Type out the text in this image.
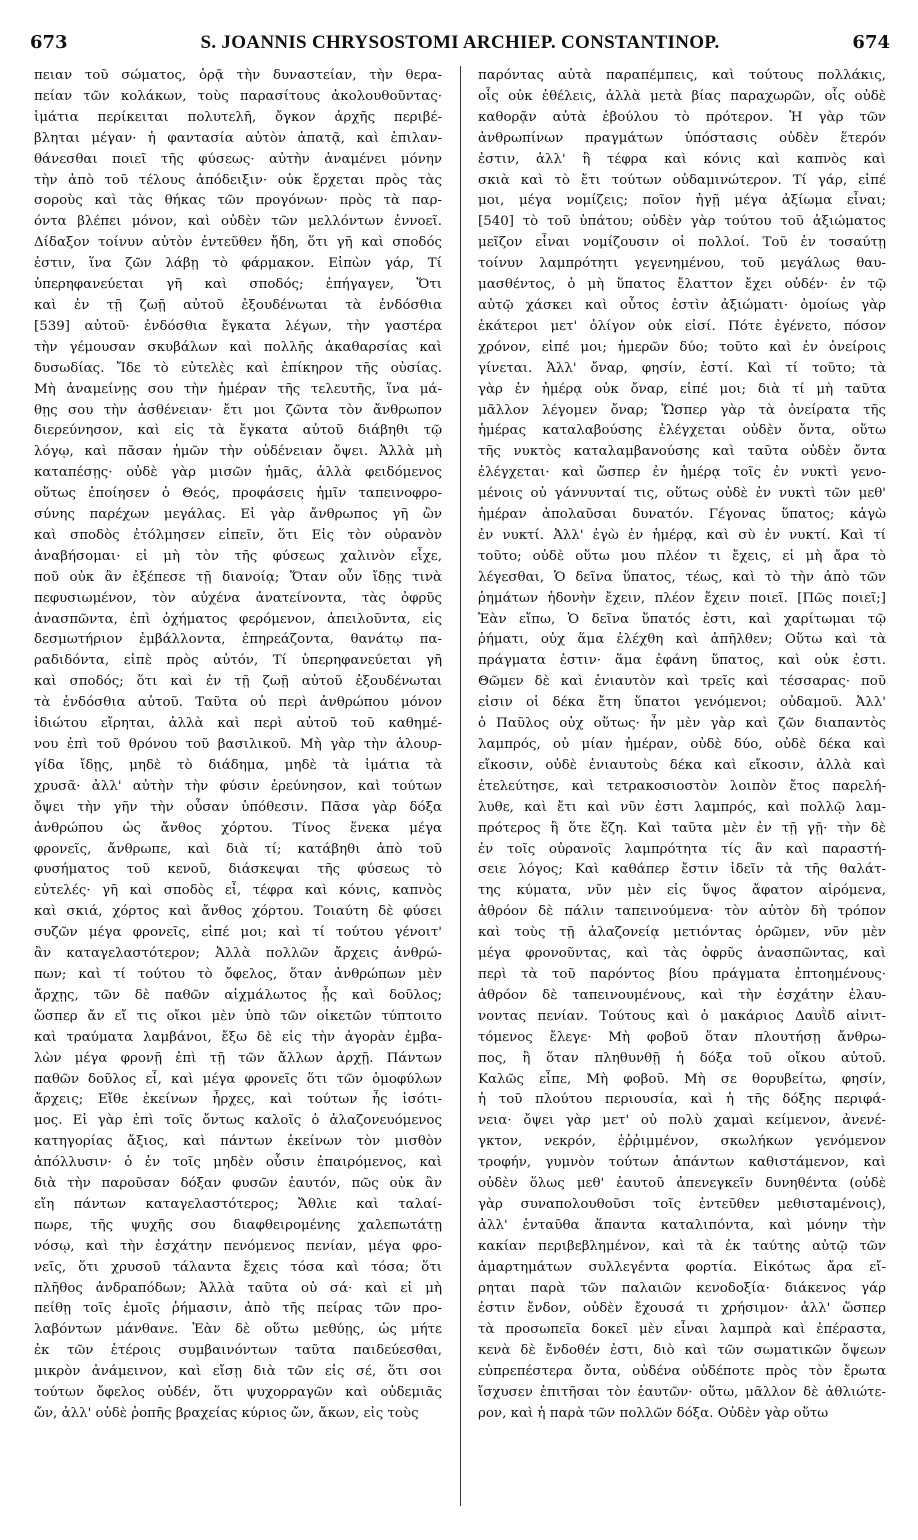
673	S. JOANNIS CHRYSOSTOMI ARCHIEP. CONSTANTINOP.	674
πειαν τοῦ σώματος, ὁρᾷ τὴν δυναστείαν, τὴν θερα-
πείαν τῶν κολάκων, τοὺς παρασίτους ἀκολουθοῦντας·
ἱμάτια περίκειται πολυτελῆ, ὄγκον ἀρχῆς περιβέ-
βληται μέγαν· ἡ φαντασία αὐτὸν ἀπατᾷ, καὶ ἐπιλαν-
θάνεσθαι ποιεῖ τῆς φύσεως· αὐτὴν ἀναμένει μόνην
τὴν ἀπὸ τοῦ τέλους ἀπόδειξιν· οὐκ ἔρχεται πρὸς τὰς
σοροὺς καὶ τὰς θήκας τῶν προγόνων· πρὸς τὰ παρ-
όντα βλέπει μόνον, καὶ οὐδὲν τῶν μελλόντων ἐννοεῖ.
Δίδαξον τοίνυν αὐτὸν ἐντεῦθεν ἤδη, ὅτι γῆ καὶ σποδός
ἐστιν, ἵνα ζῶν λάβῃ τὸ φάρμακον. Εἰπὼν γάρ, Τί
ὑπερηφανεύεται γῆ καὶ σποδός; ἐπήγαγεν, Ὅτι
καὶ ἐν τῇ ζωῇ αὐτοῦ ἐξουδένωται τὰ ἐνδόσθια
[539] αὐτοῦ· ἐνδόσθια ἔγκατα λέγων, τὴν γαστέρα
τὴν γέμουσαν σκυβάλων καὶ πολλῆς ἀκαθαρσίας καὶ
δυσωδίας. Ἴδε τὸ εὐτελὲς καὶ ἐπίκηρον τῆς οὐσίας.
Μὴ ἀναμείνῃς σου τὴν ἡμέραν τῆς τελευτῆς, ἵνα μά-
θῃς σου τὴν ἀσθένειαν· ἔτι μοι ζῶντα τὸν ἄνθρωπον
διερεύνησον, καὶ εἰς τὰ ἔγκατα αὐτοῦ διάβηθι τῷ
λόγῳ, καὶ πᾶσαν ἡμῶν τὴν οὐδένειαν ὄψει. Ἀλλὰ μὴ
καταπέσῃς· οὐδὲ γὰρ μισῶν ἡμᾶς, ἀλλὰ φειδόμενος
οὕτως ἐποίησεν ὁ Θεός, προφάσεις ἡμῖν ταπεινοφρο-
σύνης παρέχων μεγάλας. Εἰ γὰρ ἄνθρωπος γῆ ὢν
καὶ σποδὸς ἐτόλμησεν εἰπεῖν, ὅτι Εἰς τὸν οὐρανὸν
ἀναβήσομαι· εἰ μὴ τὸν τῆς φύσεως χαλινὸν εἶχε,
ποῦ οὐκ ἂν ἐξέπεσε τῇ διανοίᾳ; Ὅταν οὖν ἴδῃς τινὰ
πεφυσιωμένον, τὸν αὐχένα ἀνατείνοντα, τὰς ὀφρῦς
ἀνασπῶντα, ἐπὶ ὀχήματος φερόμενον, ἀπειλοῦντα, εἰς
δεσμωτήριον ἐμβάλλοντα, ἐπηρεάζοντα, θανάτῳ πα-
ραδιδόντα, εἰπὲ πρὸς αὐτόν, Τί ὑπερηφανεύεται γῆ
καὶ σποδός; ὅτι καὶ ἐν τῇ ζωῇ αὐτοῦ ἐξουδένωται
τὰ ἐνδόσθια αὐτοῦ. Ταῦτα οὐ περὶ ἀνθρώπου μόνον
ἰδιώτου εἴρηται, ἀλλὰ καὶ περὶ αὐτοῦ τοῦ καθημέ-
νου ἐπὶ τοῦ θρόνου τοῦ βασιλικοῦ. Μὴ γὰρ τὴν ἁλουρ-
γίδα ἴδῃς, μηδὲ τὸ διάδημα, μηδὲ τὰ ἱμάτια τὰ
χρυσᾶ· ἀλλ' αὐτὴν τὴν φύσιν ἐρεύνησον, καὶ τούτων
ὄψει τὴν γῆν τὴν οὖσαν ὑπόθεσιν. Πᾶσα γὰρ δόξα
ἀνθρώπου ὡς ἄνθος χόρτου. Τίνος ἕνεκα μέγα
φρονεῖς, ἄνθρωπε, καὶ διὰ τί; κατάβηθι ἀπὸ τοῦ
φυσήματος τοῦ κενοῦ, διάσκεψαι τῆς φύσεως τὸ
εὐτελές· γῆ καὶ σποδὸς εἶ, τέφρα καὶ κόνις, καπνὸς
καὶ σκιά, χόρτος καὶ ἄνθος χόρτου. Τοιαύτη δὲ φύσει
συζῶν μέγα φρονεῖς, εἰπέ μοι; καὶ τί τούτου γένοιτ'
ἂν καταγελαστότερον; Ἀλλὰ πολλῶν ἄρχεις ἀνθρώ-
πων; καὶ τί τούτου τὸ ὄφελος, ὅταν ἀνθρώπων μὲν
ἄρχῃς, τῶν δὲ παθῶν αἰχμάλωτος ᾖς καὶ δοῦλος;
ὥσπερ ἄν εἴ τις οἴκοι μὲν ὑπὸ τῶν οἰκετῶν τύπτοιτο
καὶ τραύματα λαμβάνοι, ἔξω δὲ εἰς τὴν ἀγορὰν ἐμβα-
λὼν μέγα φρονῇ ἐπὶ τῇ τῶν ἄλλων ἀρχῇ. Πάντων
παθῶν δοῦλος εἶ, καὶ μέγα φρονεῖς ὅτι τῶν ὁμοφύλων
ἄρχεις; Εἴθε ἐκείνων ἦρχες, καὶ τούτων ἦς ἰσότι-
μος. Εἰ γὰρ ἐπὶ τοῖς ὄντως καλοῖς ὁ ἀλαζονευόμενος
κατηγορίας ἄξιος, καὶ πάντων ἐκείνων τὸν μισθὸν
ἀπόλλυσιν· ὁ ἐν τοῖς μηδὲν οὖσιν ἐπαιρόμενος, καὶ
διὰ τὴν παροῦσαν δόξαν φυσῶν ἑαυτόν, πῶς οὐκ ἂν
εἴη πάντων καταγελαστότερος; Ἄθλιε καὶ ταλαί-
πωρε, τῆς ψυχῆς σου διαφθειρομένης χαλεπωτάτῃ
νόσῳ, καὶ τὴν ἐσχάτην πενόμενος πενίαν, μέγα φρο-
νεῖς, ὅτι χρυσοῦ τάλαντα ἔχεις τόσα καὶ τόσα; ὅτι
πλῆθος ἀνδραπόδων; Ἀλλὰ ταῦτα οὐ σά· καὶ εἰ μὴ
πείθῃ τοῖς ἐμοῖς ῥήμασιν, ἀπὸ τῆς πείρας τῶν προ-
λαβόντων μάνθανε. Ἐὰν δὲ οὕτω μεθύῃς, ὡς μήτε
ἐκ τῶν ἑτέροις συμβαινόντων ταῦτα παιδεύεσθαι,
μικρὸν ἀνάμεινον, καὶ εἴσῃ διὰ τῶν εἰς σέ, ὅτι σοι
τούτων ὄφελος οὐδέν, ὅτι ψυχορραγῶν καὶ οὐδεμιᾶς
ὤν, ἀλλ' οὐδὲ ῥοπῆς βραχείας κύριος ὤν, ἄκων, εἰς τοὺς
παρόντας αὐτὰ παραπέμπεις, καὶ τούτους πολλάκις,
οἷς οὐκ ἐθέλεις, ἀλλὰ μετὰ βίας παραχωρῶν, οἷς οὐδὲ
καθορᾷν αὐτὰ ἐβούλου τὸ πρότερον. Ἡ γὰρ τῶν
ἀνθρωπίνων πραγμάτων ὑπόστασις οὐδὲν ἕτερόν
ἐστιν, ἀλλ' ἢ τέφρα καὶ κόνις καὶ καπνὸς καὶ
σκιὰ καὶ τὸ ἔτι τούτων οὐδαμινώτερον. Τί γάρ, εἰπέ
μοι, μέγα νομίζεις; ποῖον ἡγῇ μέγα ἀξίωμα εἶναι;
[540] τὸ τοῦ ὑπάτου; οὐδὲν γὰρ τούτου τοῦ ἀξιώματος
μεῖζον εἶναι νομίζουσιν οἱ πολλοί. Τοῦ ἐν τοσαύτῃ
τοίνυν λαμπρότητι γεγενημένου, τοῦ μεγάλως θαυ-
μασθέντος, ὁ μὴ ὕπατος ἔλαττον ἔχει οὐδέν· ἐν τῷ
αὐτῷ χάσκει καὶ οὗτος ἐστὶν ἀξιώματι· ὁμοίως γὰρ
ἑκάτεροι μετ' ὀλίγον οὐκ εἰσί. Πότε ἐγένετο, πόσον
χρόνον, εἰπέ μοι; ἡμερῶν δύο; τοῦτο καὶ ἐν ὀνείροις
γίνεται. Ἀλλ' ὄναρ, φησίν, ἐστί. Καὶ τί τοῦτο; τὰ
γὰρ ἐν ἡμέρᾳ οὐκ ὄναρ, εἰπέ μοι; διὰ τί μὴ ταῦτα
μᾶλλον λέγομεν ὄναρ; Ὥσπερ γὰρ τὰ ὀνείρατα τῆς
ἡμέρας καταλαβούσης ἐλέγχεται οὐδὲν ὄντα, οὕτω
τῆς νυκτὸς καταλαμβανούσης καὶ ταῦτα οὐδὲν ὄντα
ἐλέγχεται· καὶ ὥσπερ ἐν ἡμέρᾳ τοῖς ἐν νυκτὶ γενο-
μένοις οὐ γάννυνταί τις, οὕτως οὐδὲ ἐν νυκτὶ τῶν μεθ'
ἡμέραν ἀπολαῦσαι δυνατόν. Γέγονας ὕπατος; κἀγὼ
ἐν νυκτί. Ἀλλ' ἐγὼ ἐν ἡμέρᾳ, καὶ σὺ ἐν νυκτί. Καὶ τί
τοῦτο; οὐδὲ οὕτω μου πλέον τι ἔχεις, εἰ μὴ ἄρα τὸ
λέγεσθαι, Ὁ δεῖνα ὕπατος, τέως, καὶ τὸ τὴν ἀπὸ τῶν
ῥημάτων ἡδονὴν ἔχειν, πλέον ἔχειν ποιεῖ. [Πῶς ποιεῖ;]
Ἐὰν εἴπω, Ὁ δεῖνα ὕπατός ἐστι, καὶ χαρίτωμαι τῷ
ῥήματι, οὐχ ἅμα ἐλέχθη καὶ ἀπῆλθεν; Οὕτω καὶ τὰ
πράγματα ἐστιν· ἅμα ἐφάνη ὕπατος, καὶ οὐκ ἐστι.
Θῶμεν δὲ καὶ ἐνιαυτὸν καὶ τρεῖς καὶ τέσσαρας· ποῦ
εἰσιν οἱ δέκα ἔτη ὕπατοι γενόμενοι; οὐδαμοῦ. Ἀλλ'
ὁ Παῦλος οὐχ οὕτως· ἦν μὲν γὰρ καὶ ζῶν διαπαντὸς
λαμπρός, οὐ μίαν ἡμέραν, οὐδὲ δύο, οὐδὲ δέκα καὶ
εἴκοσιν, οὐδὲ ἐνιαυτοὺς δέκα καὶ εἴκοσιν, ἀλλὰ καὶ
ἐτελεύτησε, καὶ τετρακοσιοστὸν λοιπὸν ἔτος παρελή-
λυθε, καὶ ἔτι καὶ νῦν ἐστι λαμπρός, καὶ πολλῷ λαμ-
πρότερος ἢ ὅτε ἔζη. Καὶ ταῦτα μὲν ἐν τῇ γῇ· τὴν δὲ
ἐν τοῖς οὐρανοῖς λαμπρότητα τίς ἂν καὶ παραστή-
σειε λόγος; Καὶ καθάπερ ἔστιν ἰδεῖν τὰ τῆς θαλάτ-
της κύματα, νῦν μὲν εἰς ὕψος ἄφατον αἰρόμενα,
ἀθρόον δὲ πάλιν ταπεινούμενα· τὸν αὐτὸν δὴ τρόπον
καὶ τοὺς τῇ ἀλαζονείᾳ μετιόντας ὁρῶμεν, νῦν μὲν
μέγα φρονοῦντας, καὶ τὰς ὀφρῦς ἀνασπῶντας, καὶ
περὶ τὰ τοῦ παρόντος βίου πράγματα ἐπτοημένους·
ἀθρόον δὲ ταπεινουμένους, καὶ τὴν ἐσχάτην ἐλαυ-
νοντας πενίαν. Τούτους καὶ ὁ μακάριος Δαυῒδ αἰνιτ-
τόμενος ἔλεγε· Μὴ φοβοῦ ὅταν πλουτήσῃ ἄνθρω-
πος, ἢ ὅταν πληθυνθῇ ἡ δόξα τοῦ οἴκου αὐτοῦ.
Καλῶς εἶπε, Μὴ φοβοῦ. Μὴ σε θορυβείτω, φησίν,
ἡ τοῦ πλούτου περιουσία, καὶ ἡ τῆς δόξης περιφά-
νεια· ὄψει γὰρ μετ' οὐ πολὺ χαμαὶ κείμενον, ἀνενέ-
γκτον, νεκρόν, ἐῤῥιμμένον, σκωλήκων γενόμενον
τροφήν, γυμνὸν τούτων ἁπάντων καθιστάμενον, καὶ
οὐδὲν ὅλως μεθ' ἑαυτοῦ ἀπενεγκεῖν δυνηθέντα (οὐδὲ
γὰρ συναπολουθοῦσι τοῖς ἐντεῦθεν μεθισταμένοις),
ἀλλ' ἐνταῦθα ἅπαντα καταλιπόντα, καὶ μόνην τὴν
κακίαν περιβεβλημένον, καὶ τὰ ἐκ ταύτης αὐτῷ τῶν
ἁμαρτημάτων συλλεγέντα φορτία. Εἰκότως ἄρα εἴ-
ρηται παρὰ τῶν παλαιῶν κενοδοξία· διάκενος γάρ
ἐστιν ἔνδον, οὐδὲν ἔχουσά τι χρήσιμον· ἀλλ' ὥσπερ
τὰ προσωπεῖα δοκεῖ μὲν εἶναι λαμπρὰ καὶ ἐπέραστα,
κενὰ δὲ ἔνδοθέν ἐστι, διὸ καὶ τῶν σωματικῶν ὄψεων
εὐπρεπέστερα ὄντα, οὐδένα οὐδέποτε πρὸς τὸν ἔρωτα
ἴσχυσεν ἐπιτῆσαι τὸν ἑαυτῶν· οὕτω, μᾶλλον δὲ ἀθλιώτε-
ρον, καὶ ἡ παρὰ τῶν πολλῶν δόξα. Οὐδὲν γὰρ οὕτω
